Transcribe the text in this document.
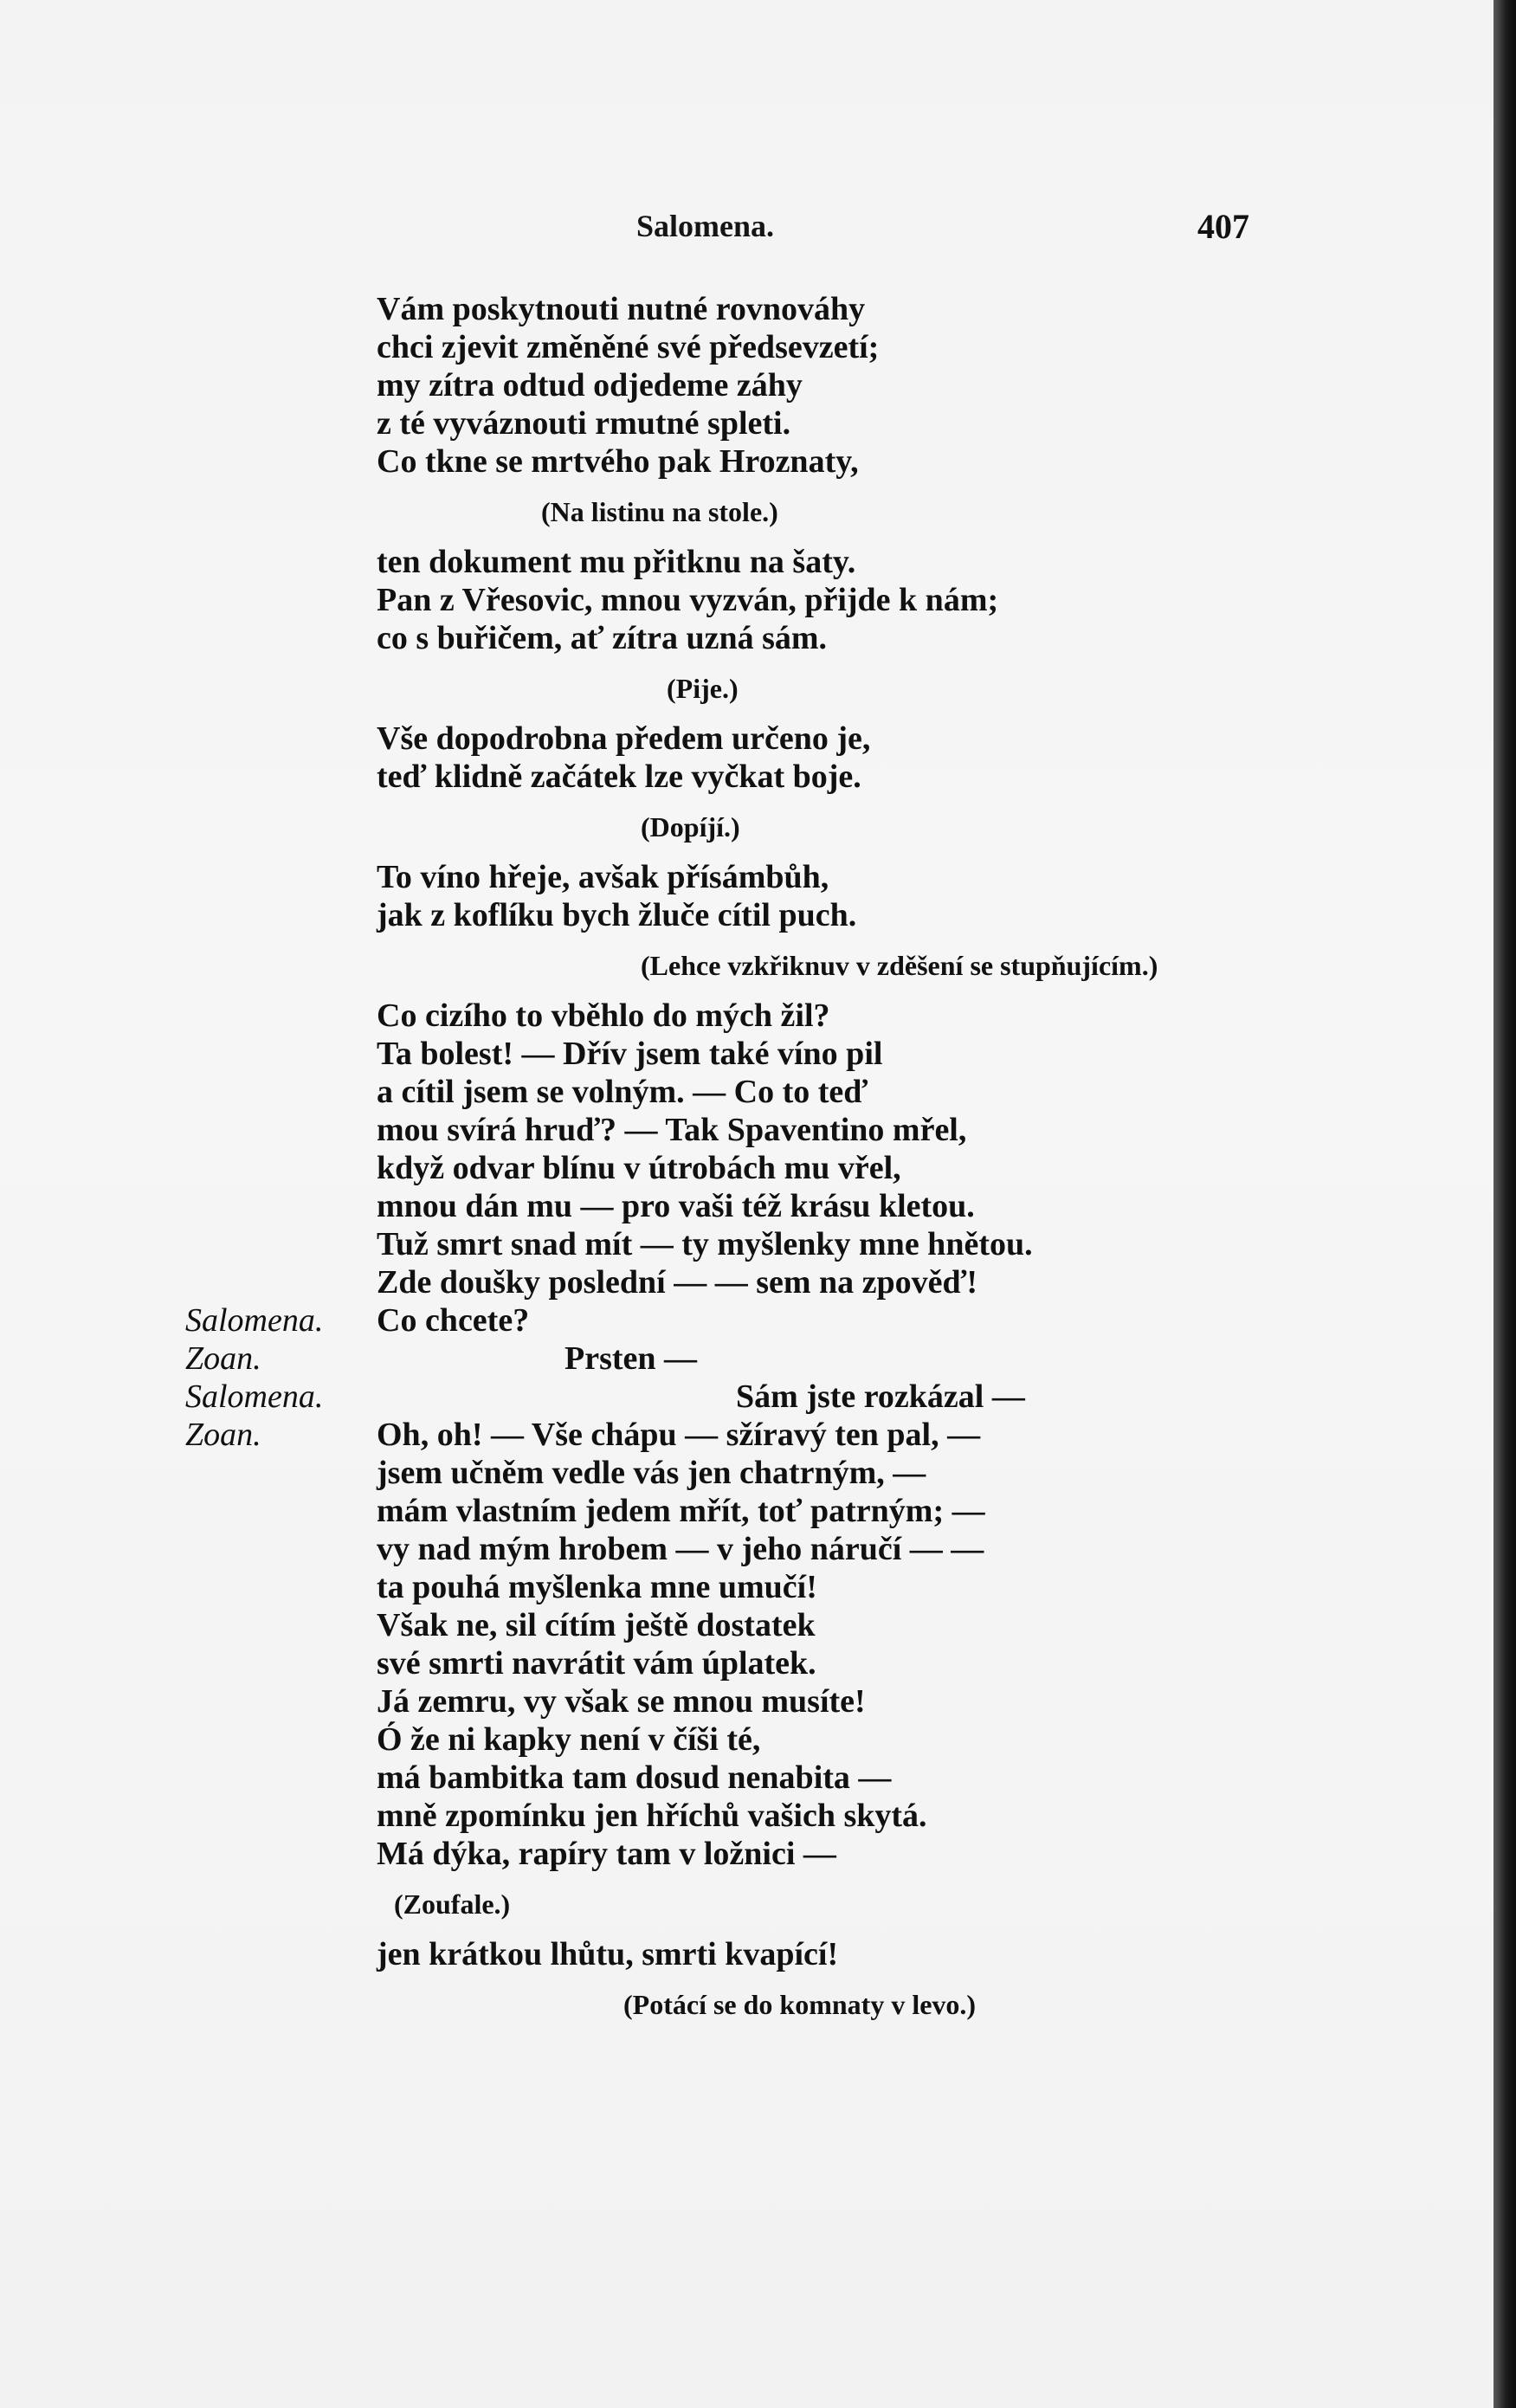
Salomena.	407
Vám poskytnouti nutné rovnováhy
chci zjevit změněné své předsevzetí;
my zítra odtud odjedeme záhy
z té vyváznouti rmutné spleti.
Co tkne se mrtvého pak Hroznaty,
(Na listinu na stole.)
ten dokument mu přitknu na šaty.
Pan z Vřesovic, mnou vyzván, přijde k nám;
co s buřičem, ať zítra uzná sám.
(Pije.)
Vše dopodrobna předem určeno je,
teď klidně začátek lze vyčkat boje.
(Dopíjí.)
To víno hřeje, avšak přísámbůh,
jak z koflíku bych žluče cítil puch.
(Lehce vzkřiknuv v zděšení se stupňujícím.)
Co cizího to vběhlo do mých žil?
Ta bolest! — Dřív jsem také víno pil
a cítil jsem se volným. — Co to teď
mou svírá hruď? — Tak Spaventino mřel,
když odvar blínu v útrobách mu vřel,
mnou dán mu — pro vaši též krásu kletou.
Tuž smrt snad mít — ty myšlenky mne hnětou.
Zde doušky poslední — — sem na zpověď!
Salomena. Co chcete?
Zoan.	Prsten —
Salomena.	Sám jste rozkázal —
Zoan.	Oh, oh! — Vše chápu — sžíravý ten pal, —
jsem učněm vedle vás jen chatrným, —
mám vlastním jedem mřít, toť patrným; —
vy nad mým hrobem — v jeho náručí — —
ta pouhá myšlenka mne umučí!
Však ne, sil cítím ještě dostatek
své smrti navrátit vám úplatek.
Já zemru, vy však se mnou musíte!
Ó že ni kapky není v číši té,
má bambitka tam dosud nenabita —
mně zpomínku jen hříchů vašich skytá.
Má dýka, rapíry tam v ložnici —
(Zoufale.)
jen krátkou lhůtu, smrti kvapící!
(Potácí se do komnaty v levo.)
